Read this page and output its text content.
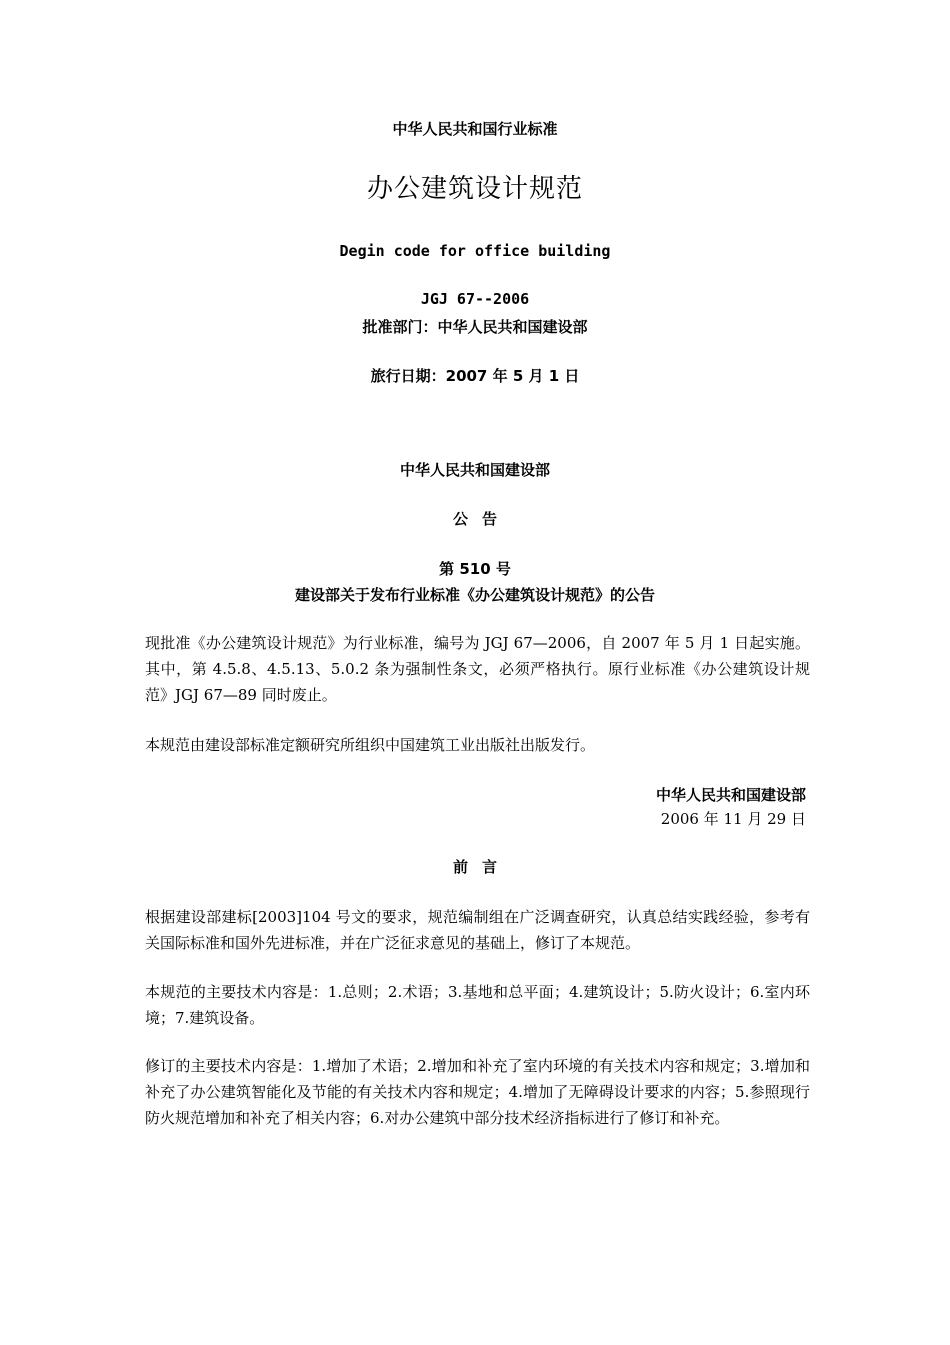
中华人民共和国行业标准
办公建筑设计规范
Degin code for office building
JGJ 67--2006
批准部门：中华人民共和国建设部
旅行日期：2007 年 5 月 1 日
中华人民共和国建设部
公告
第 510 号
建设部关于发布行业标准《办公建筑设计规范》的公告

现批准《办公建筑设计规范》为行业标准，编号为 JGJ 67—2006，自 2007 年 5 月 1 日起实施。其中，第 4.5.8、4.5.13、5.0.2 条为强制性条文，必须严格执行。原行业标准《办公建筑设计规范》JGJ 67—89 同时废止。

本规范由建设部标准定额研究所组织中国建筑工业出版社出版发行。

中华人民共和国建设部
2006 年 11 月 29 日
前言

根据建设部建标[2003]104 号文的要求，规范编制组在广泛调查研究，认真总结实践经验，参考有关国际标准和国外先进标准，并在广泛征求意见的基础上，修订了本规范。

本规范的主要技术内容是：1.总则；2.术语；3.基地和总平面；4.建筑设计；5.防火设计；6.室内环境；7.建筑设备。

修订的主要技术内容是：1.增加了术语；2.增加和补充了室内环境的有关技术内容和规定；3.增加和补充了办公建筑智能化及节能的有关技术内容和规定；4.增加了无障碍设计要求的内容；5.参照现行防火规范增加和补充了相关内容；6.对办公建筑中部分技术经济指标进行了修订和补充。
